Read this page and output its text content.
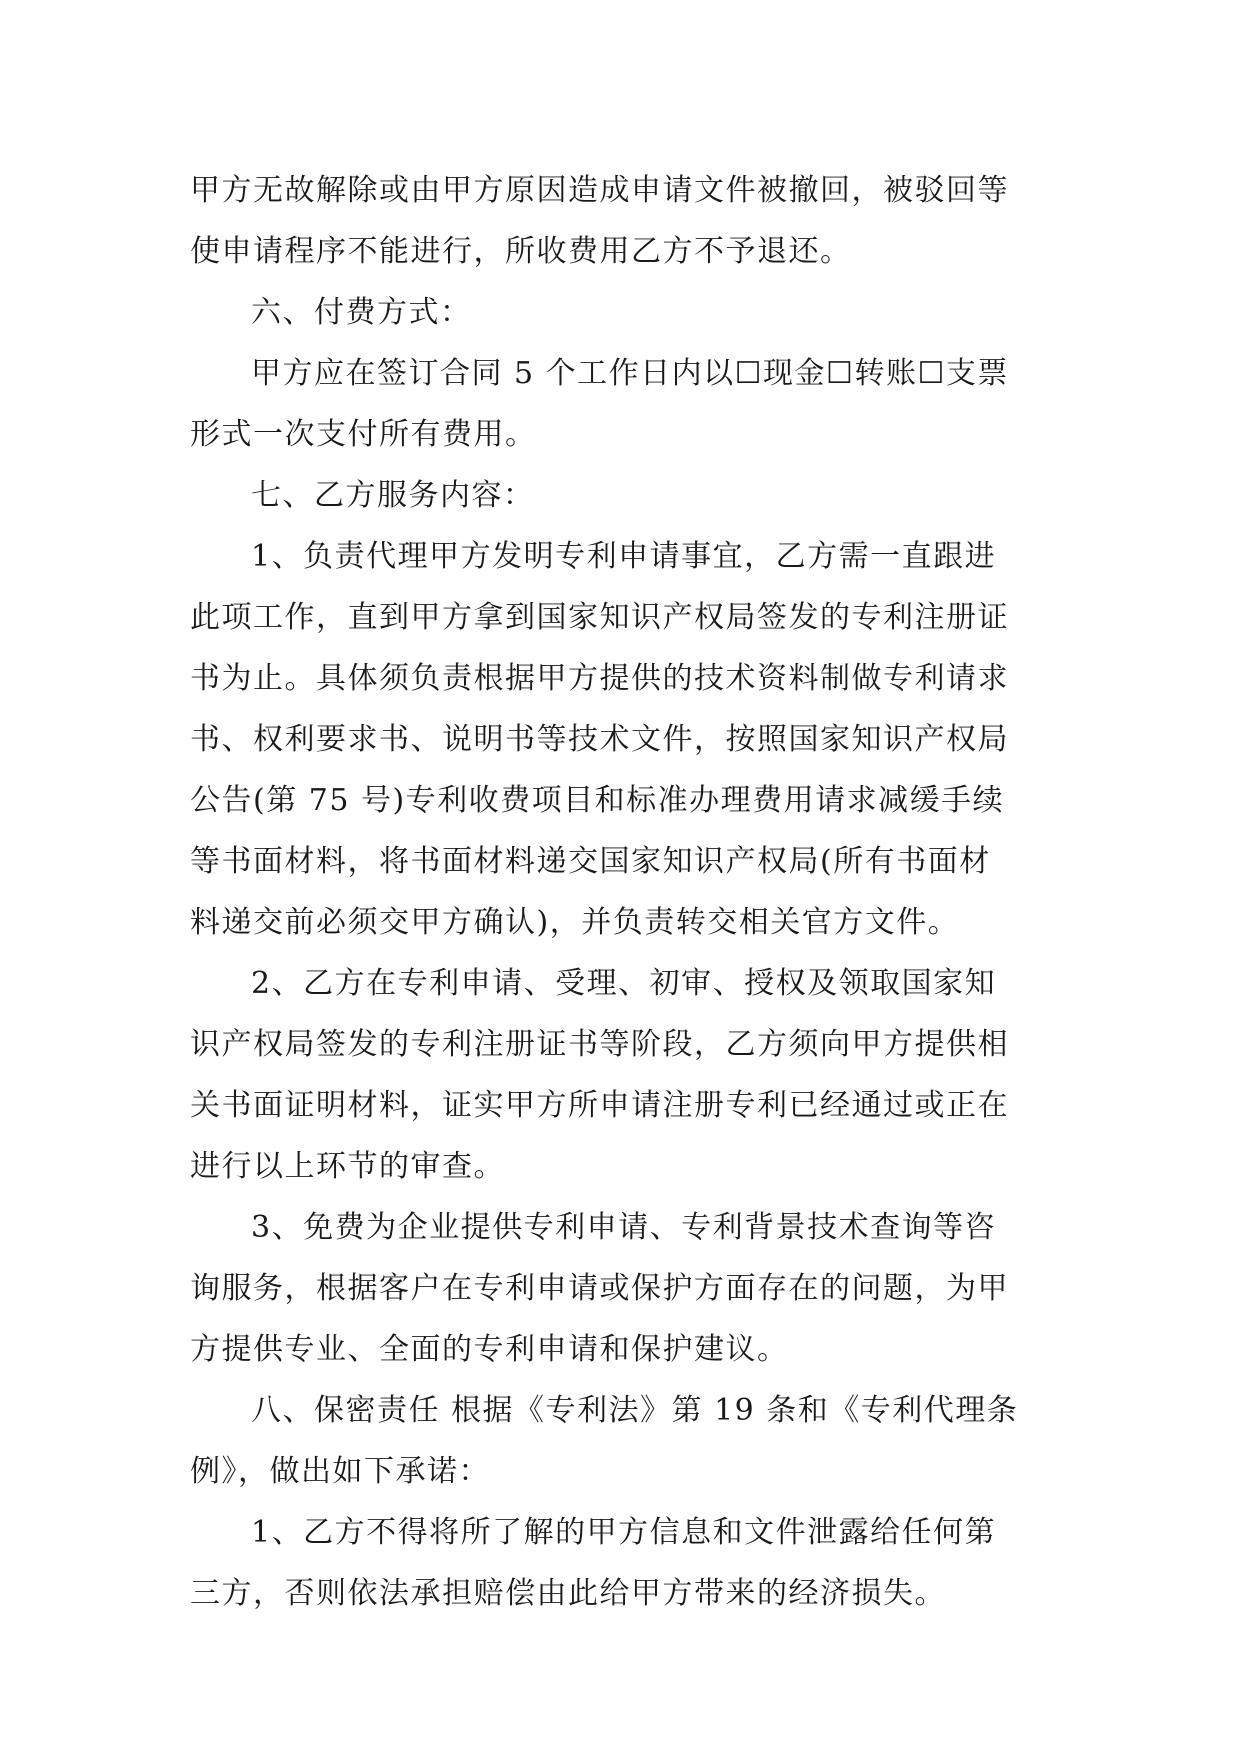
甲方无故解除或由甲方原因造成申请文件被撤回，被驳回等
使申请程序不能进行，所收费用乙方不予退还。
六、付费方式：
甲方应在签订合同 5 个工作日内以☐现金☐转账☐支票
形式一次支付所有费用。
七、乙方服务内容：
1、负责代理甲方发明专利申请事宜，乙方需一直跟进
此项工作，直到甲方拿到国家知识产权局签发的专利注册证
书为止。具体须负责根据甲方提供的技术资料制做专利请求
书、权利要求书、说明书等技术文件，按照国家知识产权局
公告(第 75 号)专利收费项目和标准办理费用请求减缓手续
等书面材料，将书面材料递交国家知识产权局(所有书面材
料递交前必须交甲方确认)，并负责转交相关官方文件。
2、乙方在专利申请、受理、初审、授权及领取国家知
识产权局签发的专利注册证书等阶段，乙方须向甲方提供相
关书面证明材料，证实甲方所申请注册专利已经通过或正在
进行以上环节的审查。
3、免费为企业提供专利申请、专利背景技术查询等咨
询服务，根据客户在专利申请或保护方面存在的问题，为甲
方提供专业、全面的专利申请和保护建议。
八、保密责任 根据《专利法》第 19 条和《专利代理条
例》，做出如下承诺：
1、乙方不得将所了解的甲方信息和文件泄露给任何第
三方，否则依法承担赔偿由此给甲方带来的经济损失。
